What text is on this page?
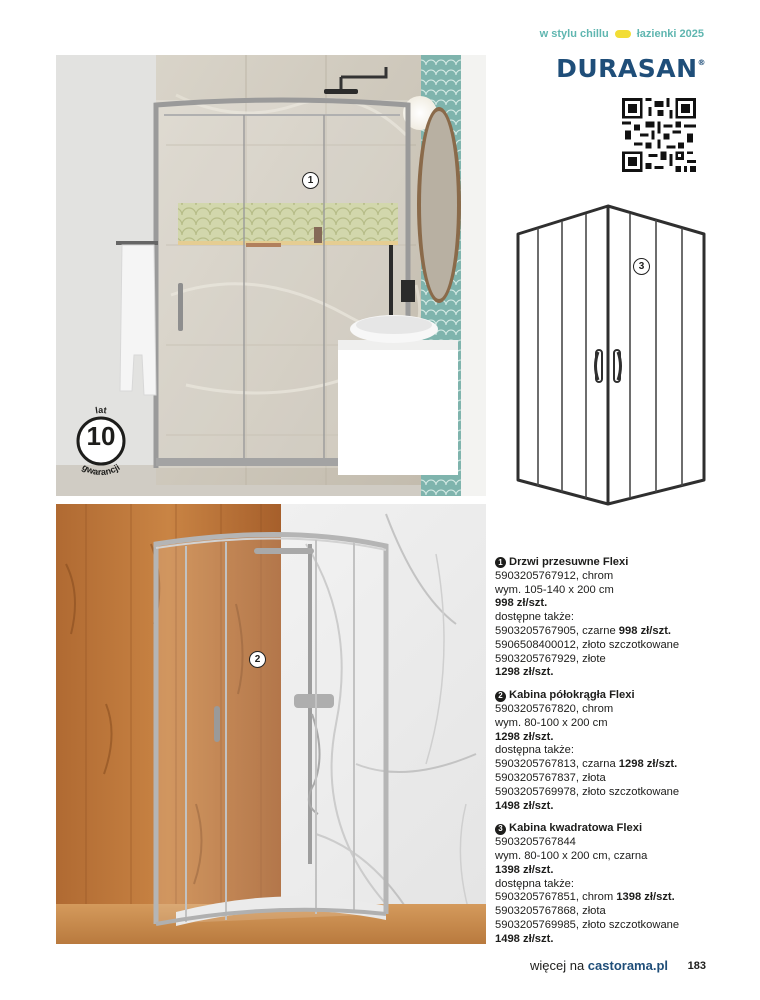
w stylu chillu	łazienki 2025
DURASAN®
1
2
3
lat
gwarancji
10
1 Drzwi przesuwne Flexi
5903205767912, chrom
wym. 105-140 x 200 cm
998 zł/szt.
dostępne także:
5903205767905, czarne 998 zł/szt.
5906508400012, złoto szczotkowane
5903205767929, złote
1298 zł/szt.
2 Kabina półokrągła Flexi
5903205767820, chrom
wym. 80-100 x 200 cm
1298 zł/szt.
dostępna także:
5903205767813, czarna 1298 zł/szt.
5903205767837, złota
5903205769978, złoto szczotkowane
1498 zł/szt.
3 Kabina kwadratowa Flexi
5903205767844
wym. 80-100 x 200 cm, czarna
1398 zł/szt.
dostępna także:
5903205767851, chrom 1398 zł/szt.
5903205767868, złota
5903205769985, złoto szczotkowane
1498 zł/szt.
więcej na castorama.pl 183
